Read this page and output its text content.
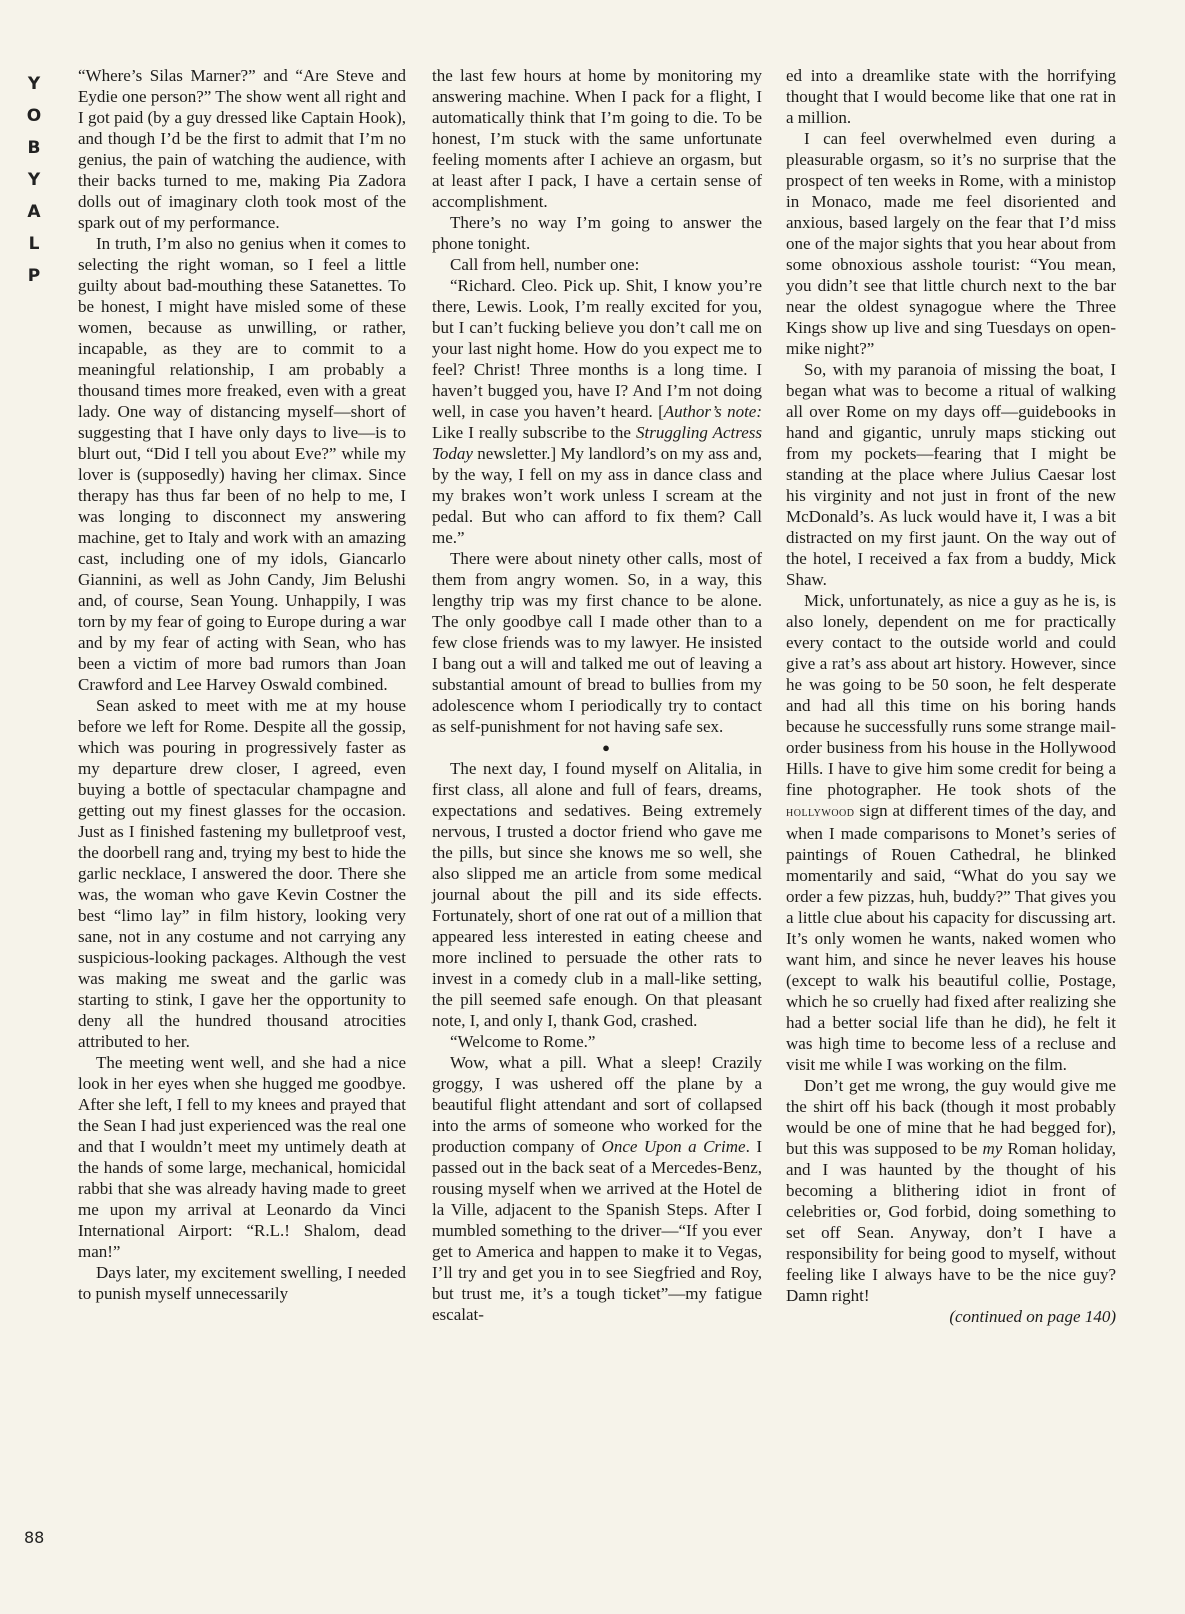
Y
O
B
Y
A
L
P
88

“Where’s Silas Marner?” and “Are Steve and Eydie one person?” The show went all right and I got paid (by a guy dressed like Captain Hook), and though I’d be the first to admit that I’m no genius, the pain of watching the audience, with their backs turned to me, making Pia Zadora dolls out of imaginary cloth took most of the spark out of my performance.

In truth, I’m also no genius when it comes to selecting the right woman, so I feel a little guilty about bad-mouthing these Satanettes. To be honest, I might have misled some of these women, because as unwilling, or rather, incapable, as they are to commit to a meaningful relationship, I am probably a thousand times more freaked, even with a great lady. One way of distancing myself—short of suggesting that I have only days to live—is to blurt out, “Did I tell you about Eve?” while my lover is (supposedly) having her climax. Since therapy has thus far been of no help to me, I was longing to disconnect my answering machine, get to Italy and work with an amazing cast, including one of my idols, Giancarlo Giannini, as well as John Candy, Jim Belushi and, of course, Sean Young. Unhappily, I was torn by my fear of going to Europe during a war and by my fear of acting with Sean, who has been a victim of more bad rumors than Joan Crawford and Lee Harvey Oswald combined.

Sean asked to meet with me at my house before we left for Rome. Despite all the gossip, which was pouring in progressively faster as my departure drew closer, I agreed, even buying a bottle of spectacular champagne and getting out my finest glasses for the occasion. Just as I finished fastening my bulletproof vest, the doorbell rang and, trying my best to hide the garlic necklace, I answered the door. There she was, the woman who gave Kevin Costner the best “limo lay” in film history, looking very sane, not in any costume and not carrying any suspicious-looking packages. Although the vest was making me sweat and the garlic was starting to stink, I gave her the opportunity to deny all the hundred thousand atrocities attributed to her.

The meeting went well, and she had a nice look in her eyes when she hugged me goodbye. After she left, I fell to my knees and prayed that the Sean I had just experienced was the real one and that I wouldn’t meet my untimely death at the hands of some large, mechanical, homicidal rabbi that she was already having made to greet me upon my arrival at Leonardo da Vinci International Airport: “R.L.! Shalom, dead man!”

Days later, my excitement swelling, I needed to punish myself unnecessarily

the last few hours at home by monitoring my answering machine. When I pack for a flight, I automatically think that I’m going to die. To be honest, I’m stuck with the same unfortunate feeling moments after I achieve an orgasm, but at least after I pack, I have a certain sense of accomplishment.

There’s no way I’m going to answer the phone tonight.

Call from hell, number one:

“Richard. Cleo. Pick up. Shit, I know you’re there, Lewis. Look, I’m really excited for you, but I can’t fucking believe you don’t call me on your last night home. How do you expect me to feel? Christ! Three months is a long time. I haven’t bugged you, have I? And I’m not doing well, in case you haven’t heard. [Author’s note: Like I really subscribe to the Struggling Actress Today newsletter.] My landlord’s on my ass and, by the way, I fell on my ass in dance class and my brakes won’t work unless I scream at the pedal. But who can afford to fix them? Call me.”

There were about ninety other calls, most of them from angry women. So, in a way, this lengthy trip was my first chance to be alone. The only goodbye call I made other than to a few close friends was to my lawyer. He insisted I bang out a will and talked me out of leaving a substantial amount of bread to bullies from my adolescence whom I periodically try to contact as self-punishment for not having safe sex.

●

The next day, I found myself on Alitalia, in first class, all alone and full of fears, dreams, expectations and sedatives. Being extremely nervous, I trusted a doctor friend who gave me the pills, but since she knows me so well, she also slipped me an article from some medical journal about the pill and its side effects. Fortunately, short of one rat out of a million that appeared less interested in eating cheese and more inclined to persuade the other rats to invest in a comedy club in a mall-like setting, the pill seemed safe enough. On that pleasant note, I, and only I, thank God, crashed.

“Welcome to Rome.”

Wow, what a pill. What a sleep! Crazily groggy, I was ushered off the plane by a beautiful flight attendant and sort of collapsed into the arms of someone who worked for the production company of Once Upon a Crime. I passed out in the back seat of a Mercedes-Benz, rousing myself when we arrived at the Hotel de la Ville, adjacent to the Spanish Steps. After I mumbled something to the driver—“If you ever get to America and happen to make it to Vegas, I’ll try and get you in to see Siegfried and Roy, but trust me, it’s a tough ticket”—my fatigue escalat-

ed into a dreamlike state with the horrifying thought that I would become like that one rat in a million.

I can feel overwhelmed even during a pleasurable orgasm, so it’s no surprise that the prospect of ten weeks in Rome, with a ministop in Monaco, made me feel disoriented and anxious, based largely on the fear that I’d miss one of the major sights that you hear about from some obnoxious asshole tourist: “You mean, you didn’t see that little church next to the bar near the oldest synagogue where the Three Kings show up live and sing Tuesdays on open-mike night?”

So, with my paranoia of missing the boat, I began what was to become a ritual of walking all over Rome on my days off—guidebooks in hand and gigantic, unruly maps sticking out from my pockets—fearing that I might be standing at the place where Julius Caesar lost his virginity and not just in front of the new McDonald’s. As luck would have it, I was a bit distracted on my first jaunt. On the way out of the hotel, I received a fax from a buddy, Mick Shaw.

Mick, unfortunately, as nice a guy as he is, is also lonely, dependent on me for practically every contact to the outside world and could give a rat’s ass about art history. However, since he was going to be 50 soon, he felt desperate and had all this time on his boring hands because he successfully runs some strange mail-order business from his house in the Hollywood Hills. I have to give him some credit for being a fine photographer. He took shots of the hollywood sign at different times of the day, and when I made comparisons to Monet’s series of paintings of Rouen Cathedral, he blinked momentarily and said, “What do you say we order a few pizzas, huh, buddy?” That gives you a little clue about his capacity for discussing art. It’s only women he wants, naked women who want him, and since he never leaves his house (except to walk his beautiful collie, Postage, which he so cruelly had fixed after realizing she had a better social life than he did), he felt it was high time to become less of a recluse and visit me while I was working on the film.

Don’t get me wrong, the guy would give me the shirt off his back (though it most probably would be one of mine that he had begged for), but this was supposed to be my Roman holiday, and I was haunted by the thought of his becoming a blithering idiot in front of celebrities or, God forbid, doing something to set off Sean. Anyway, don’t I have a responsibility for being good to myself, without feeling like I always have to be the nice guy? Damn right!

(continued on page 140)
